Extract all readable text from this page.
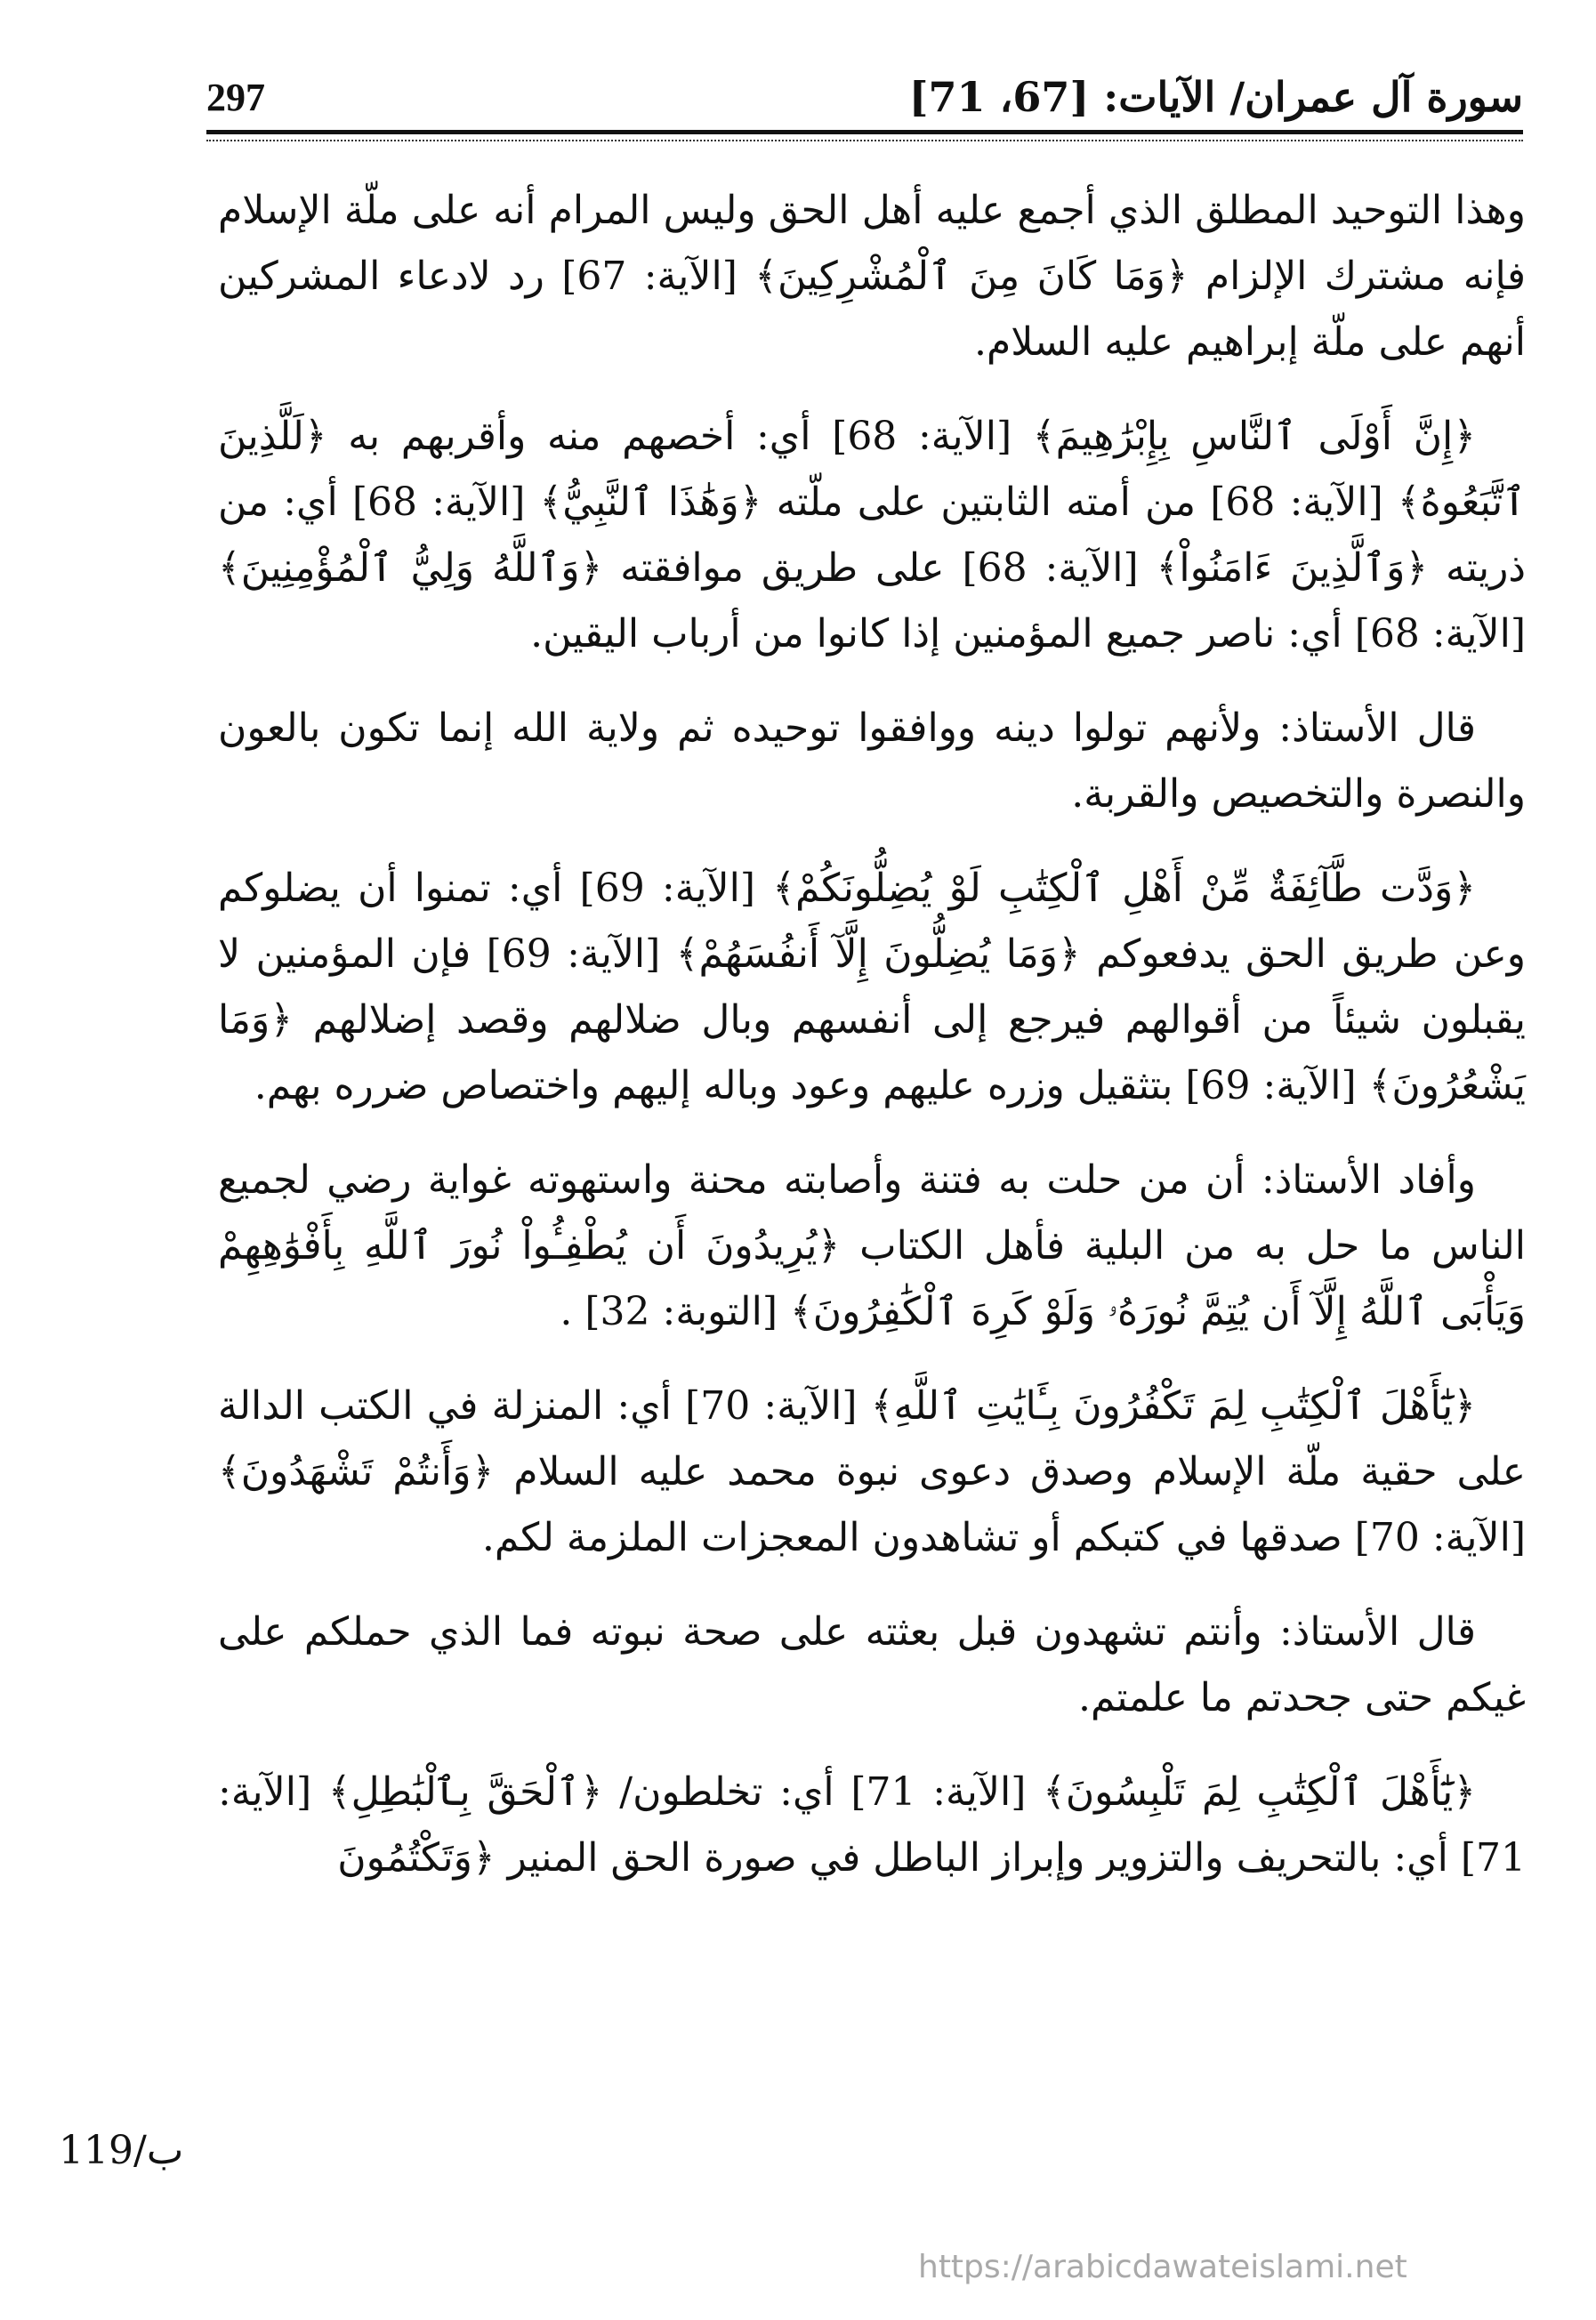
سورة آل عمران/ الآيات: [67، 71]
297

وهذا التوحيد المطلق الذي أجمع عليه أهل الحق وليس المرام أنه على ملّة الإسلام فإنه مشترك الإلزام ﴿وَمَا كَانَ مِنَ ٱلْمُشْرِكِينَ﴾ [الآية: 67] رد لادعاء المشركين أنهم على ملّة إبراهيم عليه السلام.

﴿إِنَّ أَوْلَى ٱلنَّاسِ بِإِبْرَٰهِيمَ﴾ [الآية: 68] أي: أخصهم منه وأقربهم به ﴿لَلَّذِينَ ٱتَّبَعُوهُ﴾ [الآية: 68] من أمته الثابتين على ملّته ﴿وَهَٰذَا ٱلنَّبِيُّ﴾ [الآية: 68] أي: من ذريته ﴿وَٱلَّذِينَ ءَامَنُواْ﴾ [الآية: 68] على طريق موافقته ﴿وَٱللَّهُ وَلِيُّ ٱلْمُؤْمِنِينَ﴾ [الآية: 68] أي: ناصر جميع المؤمنين إذا كانوا من أرباب اليقين.

قال الأستاذ: ولأنهم تولوا دينه ووافقوا توحيده ثم ولاية الله إنما تكون بالعون والنصرة والتخصيص والقربة.

﴿وَدَّت طَّآئِفَةٌ مِّنْ أَهْلِ ٱلْكِتَٰبِ لَوْ يُضِلُّونَكُمْ﴾ [الآية: 69] أي: تمنوا أن يضلوكم وعن طريق الحق يدفعوكم ﴿وَمَا يُضِلُّونَ إِلَّآ أَنفُسَهُمْ﴾ [الآية: 69] فإن المؤمنين لا يقبلون شيئاً من أقوالهم فيرجع إلى أنفسهم وبال ضلالهم وقصد إضلالهم ﴿وَمَا يَشْعُرُونَ﴾ [الآية: 69] بتثقيل وزره عليهم وعود وباله إليهم واختصاص ضرره بهم.

وأفاد الأستاذ: أن من حلت به فتنة وأصابته محنة واستهوته غواية رضي لجميع الناس ما حل به من البلية فأهل الكتاب ﴿يُرِيدُونَ أَن يُطْفِـُٔواْ نُورَ ٱللَّهِ بِأَفْوَٰهِهِمْ وَيَأْبَى ٱللَّهُ إِلَّآ أَن يُتِمَّ نُورَهُۥ وَلَوْ كَرِهَ ٱلْكَٰفِرُونَ﴾ [التوبة: 32] .

﴿يَٰٓأَهْلَ ٱلْكِتَٰبِ لِمَ تَكْفُرُونَ بِـَٔايَٰتِ ٱللَّهِ﴾ [الآية: 70] أي: المنزلة في الكتب الدالة على حقية ملّة الإسلام وصدق دعوى نبوة محمد عليه السلام ﴿وَأَنتُمْ تَشْهَدُونَ﴾ [الآية: 70] صدقها في كتبكم أو تشاهدون المعجزات الملزمة لكم.

قال الأستاذ: وأنتم تشهدون قبل بعثته على صحة نبوته فما الذي حملكم على غيكم حتى جحدتم ما علمتم.

﴿يَٰٓأَهْلَ ٱلْكِتَٰبِ لِمَ تَلْبِسُونَ﴾ [الآية: 71] أي: تخلطون/ ﴿ٱلْحَقَّ بِٱلْبَٰطِلِ﴾ [الآية: 71] أي: بالتحريف والتزوير وإبراز الباطل في صورة الحق المنير ﴿وَتَكْتُمُونَ

119/ب
https://arabicdawateislami.net
